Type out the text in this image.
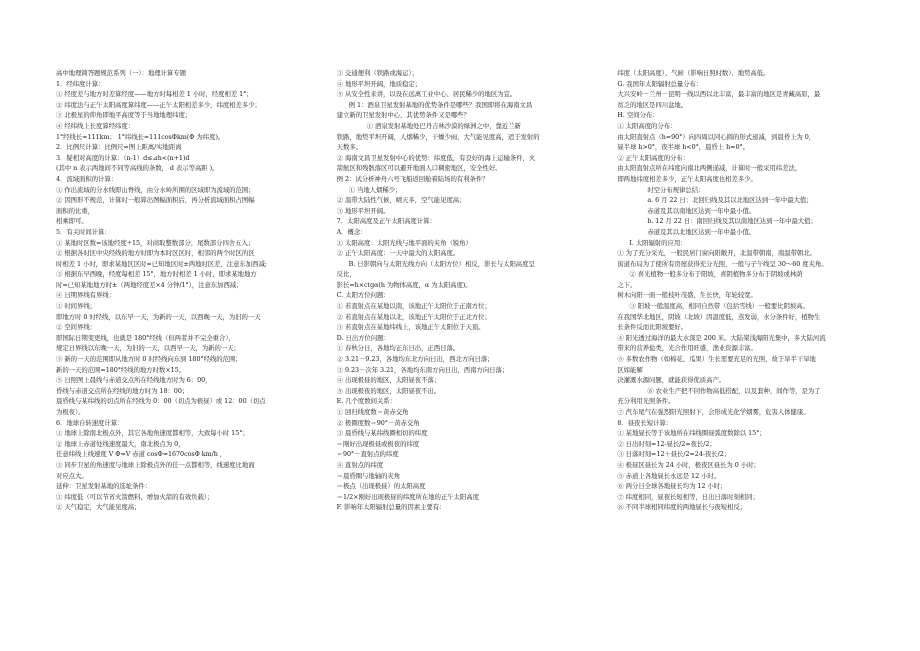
高中地理简答题规范系列（一）：地理计算专题
1．经纬度计算：
① 经度差与地方时差算经度——地方时每相差 1 小时，经度相差 1°；
② 纬度法与正午太阳高度算纬度——正午太阳相差多少，纬度相差多少；
③ 北极星的仰角即地平高度等于当地地理纬度；
④ 经纬线上长度算经纬度：
1°经线长≈111km； 1°纬线长≈111cosΦkm(Φ 为纬度)。
2．比例尺计算：比例尺=图上距离/实地距离
3．疑相对高度的计算：（n-1）d≤⊿h<(n+1)d
(其中 n 表示两地间不同等高线的条数， d 表示等高距 )。
4．流域面积的计算：
① 作出流域的分水线即山脊线，由分水岭所围的区域即为流域的范围；
② 因图形不规范，计算时一般算出图幅面积后，再分析流域面积占图幅
面积的比重，
相乘即可。
5．有关时间计算：
① 某地时区数=该地经度÷15，对商取整数部分，尾数部分四舍五入；
② 根据各时区中央经线的地方时即为本时区区时，相邻的两个时区的区
时相差 1 小时，即求某地区区时=已知地区时±两地时区差，注意东加西减;
③ 根据东早西晚，经度每相差 15°，地方时相差 1 小时，即求某地地方
时=已知某地地方时±（两地经度差×4 分钟/1°），注意东加西减；
④ 日期界线有界线：
① 时间界线；
即地方时 0 时经线，以东早一天，为新的一天，以西晚一天，为旧的一天
② 空间界线：
即国际日期变更线，也就是 180°经线（但两者并不完全重合），
规定日界线以东晚一天，为旧的一天，以西早一天，为新的一天；
③ 新的一天的范围即从地方时 0 时经线向东到 180°经线的范围；
新的一天的范围=180°经线的地方时数×15。
⑤ 日照图上晨线与赤道交点所在经线地方时为 6：00，
昏线与赤道交点所在经线的地方时为 18：00；
晨昏线与某纬线的切点所在经线为 0：00（切点为极昼）或 12：00（切点
为极夜）。
6．地球自转速度计算：
① 地球上除南北极点外，其它各地角速度都相等，大致每小时 15°；
② 地球上赤道处线速度最大，南北极点为 0，
任意纬线上线速度 V Φ=V 赤道 cosΦ=1670cosΦ km/h ，
③ 同步卫星的角速度与地球上除极点外的任一点都相等，线速度比地面
对应点大。
延伸：卫星发射基地的选址条件：
① 纬度低（可以节省火箭燃料，增加火箭的有效负载）；
② 天气稳定，大气能见度高；
③ 交通便利（铁路或海运）；
④ 地形平坦开阔，地质稳定；
⑤ 从安全性来讲，以设在远离工业中心、居民稀少的地区为宜。
例 1：酒泉卫星发射基地的优势条件是哪些？我国即将在海南文昌
建立新的卫星发射中心，其优势条件又是哪些？
① 酒泉发射基地处巴丹吉林沙漠的绿洲之中，靠近兰新
铁路，地势平坦开阔，人烟稀少，干燥少雨，大气能见度高，适于发射的
天数多。
② 海南文昌卫星发射中心的优势：纬度低，有良好的海上运输条件，火
箭航区和残骸落区可以避开地面人口稠密地区，安全性好。
例 2：试分析神舟六号飞船返回舱着陆场的有利条件？
① 当地人烟稀少；
② 温带大陆性气候，晴天多，空气能见度高；
③ 地形平坦开阔。
7．太阳高度及正午太阳高度计算：
A．概念：
① 太阳高度：太阳光线与地平面的夹角（锐角）
② 正午太阳高度：一天中最大的太阳高度。
B. 日影朝向与太阳光线方向（太阳方位）相反，影长与太阳高度呈
反比，
影长=h×ctgα(h 为物体高度，α 为太阳高度)。
C. 太阳方位问题：
① 若直射点在某地以南，该地正午太阳位于正南方位；
② 若直射点在某地以北，该地正午太阳位于正北方位；
③ 若直射点在某地纬线上，该地正午太阳位于天顶。
D. 日出方位问题：
① 春秋分日，各地均正东日出，正西日落。
② 3.21－9.23，各地均东北方向日出，西北方向日落；
③ 9.23－次年 3.21，各地均东南方向日出，西南方向日落；
④ 出现极昼的地区，太阳昼夜不落；
⑤ 出现极夜的地区，太阳昼夜不出。
E. 几个度数间关系：
① 回归线度数＝黄赤交角
② 极圈度数＝90°－黄赤交角
③ 晨昏线与某纬线圈相切的纬度
＝刚好出现极昼或极夜的纬度
＝90°－直射点的纬度
④ 直射点的纬度
＝晨昏圈与地轴的夹角
＝极点（出现极昼）的太阳高度
＝1/2×刚好出现极昼的纬度所在地的正午太阳高度
F. 影响年太阳辐射总量的因素主要有：
纬度（太阳高度）、气候（影响日照时数）、地势高低。
G. 我国年太阳辐射总量分布：
大兴安岭－兰州－昆明一线以西以北丰富，最丰富的地区是青藏高原，最
贫乏的地区是四川盆地。
H. 空间分布：
① 太阳高度的分布：
由太阳直射点（h=90°）向四周以同心圆的形式递减，到晨昏上为 0，
昼半球 h>0°，夜半球 h<0°，晨昏上 h=0°。
② 正午太阳高度的分布：
由太阳直射点所在纬度向南北两侧递减，计算时一般采用纬差法，
即两地纬度相差多少，正午太阳高度也相差多少。
时空分布规律总结：
a. 6 月 22 日：北回归线及其以北地区达到一年中最大值；
赤道及其以南地区达到一年中最小值。
b. 12 月 22 日：南回归线及其以南地区达到一年中最大值；
赤道及其以北地区达到一年中最小值。
I. 太阳辐射的应用：
① 为了充分采光，一般民居门窗向阳敞开，北温带朝南，南温带朝北。
街道布局为了使所有房屋获得充分光照，一般与子午线呈 30～60 度夹角。
② 喜光植物一般多分布于阳坡，喜阴植物多分布于阴坡或林荫
之下。
树木向阳一面一般枝叶茂盛，生长快，年轮较宽。
③ 阳坡一般温度高，相同自然带（包括雪线）一般要比阴坡高。
在我国华北地区，阴坡（北坡）因温度低，蒸发弱，水分条件好，植物生
长条件反而比阳坡要好。
④ 阳光透过海洋的最大水深是 200 米。大陆架浅海阳光集中，多大陆河流
带来的营养盐类，光合作用旺盛，渔业资源丰富。
⑤ 多数农作物（如棉花、瓜果）生长需要充足的光照，故于旱半干旱地
区如能解
决灌溉水源问题，就能获得优质高产。
⑥ 农业生产把不同作物高低搭配，以及套种、间作等，是为了
充分利用光照条件。
⑦ 汽车尾气在强烈阳光照射下，会形成光化学烟雾，危害人体健康。
8．昼夜长短计算：
① 某地昼长等于该地所在纬线圈昼弧度数除以 15°；
② 日出时刻=12-昼长/2=夜长/2；
③ 日落时刻=12＋昼长/2=24-夜长/2；
④ 极昼区昼长为 24 小时，极夜区昼长为 0 小时；
⑤ 赤道上各地昼长永远是 12 小时。
⑥ 两分日全球各地昼长均为 12 小时；
⑦ 纬度相同，昼夜长短相等，日出日落时刻相同；
⑧ 不同半球相同纬度的两地昼长与夜短相反；
